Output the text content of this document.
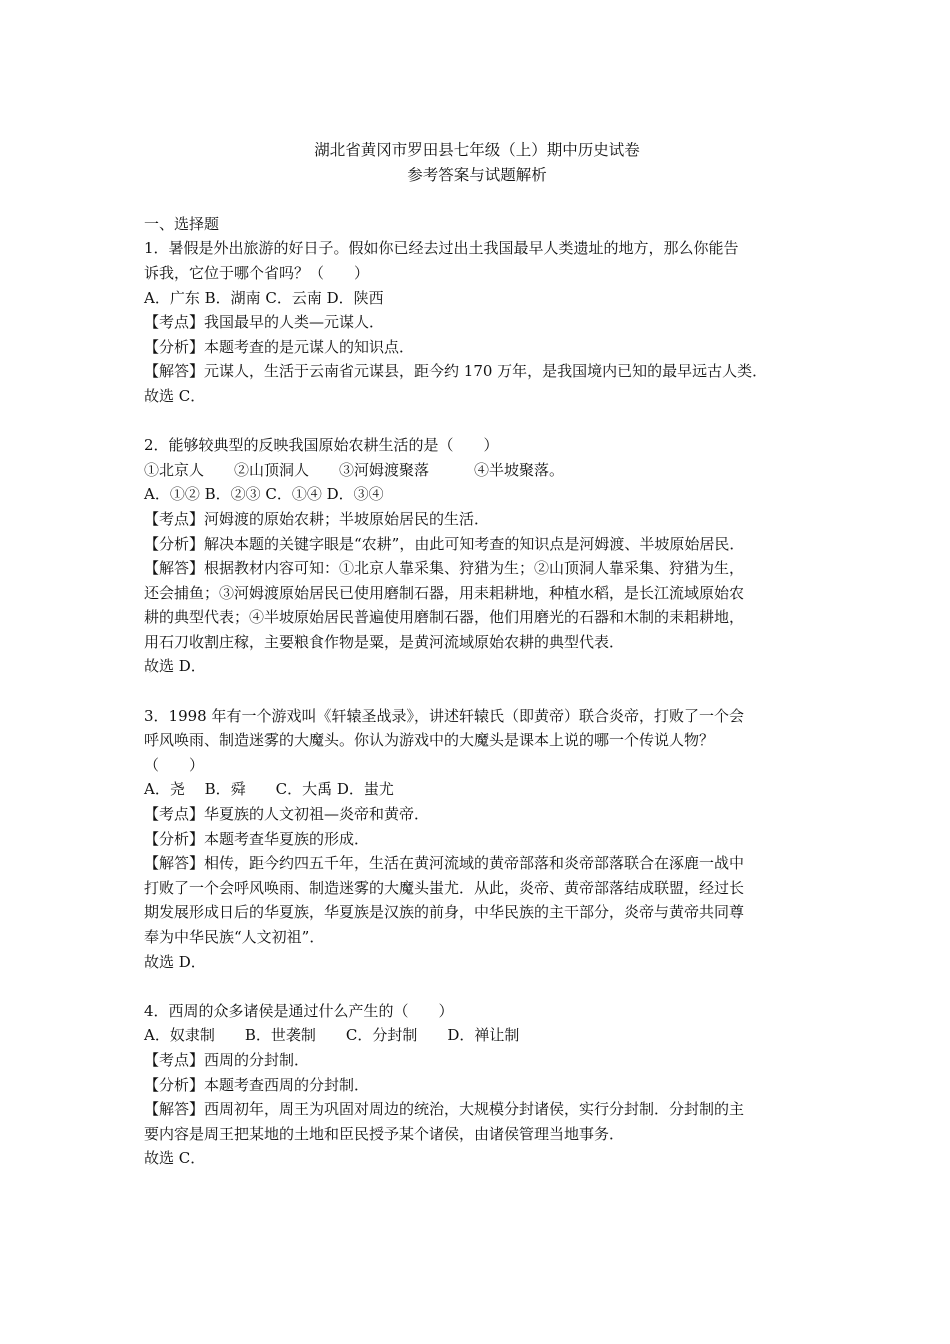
湖北省黄冈市罗田县七年级（上）期中历史试卷
参考答案与试题解析
一、选择题
1．暑假是外出旅游的好日子。假如你已经去过出土我国最早人类遗址的地方，那么你能告
诉我，它位于哪个省吗？（　　）
A．广东 B．湖南 C．云南 D．陕西
【考点】我国最早的人类—元谋人．
【分析】本题考查的是元谋人的知识点．
【解答】元谋人，生活于云南省元谋县，距今约 170 万年，是我国境内已知的最早远古人类．
故选 C．
2．能够较典型的反映我国原始农耕生活的是（　　）
①北京人　　②山顶洞人　　③河姆渡聚落　　　④半坡聚落。
A．①② B．②③ C．①④ D．③④
【考点】河姆渡的原始农耕；半坡原始居民的生活．
【分析】解决本题的关键字眼是“农耕”，由此可知考查的知识点是河姆渡、半坡原始居民．
【解答】根据教材内容可知：①北京人靠采集、狩猎为生；②山顶洞人靠采集、狩猎为生，
还会捕鱼；③河姆渡原始居民已使用磨制石器，用耒耜耕地，种植水稻，是长江流域原始农
耕的典型代表；④半坡原始居民普遍使用磨制石器，他们用磨光的石器和木制的耒耜耕地，
用石刀收割庄稼，主要粮食作物是粟，是黄河流域原始农耕的典型代表．
故选 D．
3．1998 年有一个游戏叫《轩辕圣战录》，讲述轩辕氏（即黄帝）联合炎帝，打败了一个会
呼风唤雨、制造迷雾的大魔头。你认为游戏中的大魔头是课本上说的哪一个传说人物？
（　　）
A．尧　 B．舜　　C．大禹 D．蚩尤
【考点】华夏族的人文初祖—炎帝和黄帝．
【分析】本题考查华夏族的形成．
【解答】相传，距今约四五千年，生活在黄河流域的黄帝部落和炎帝部落联合在涿鹿一战中
打败了一个会呼风唤雨、制造迷雾的大魔头蚩尤．从此，炎帝、黄帝部落结成联盟，经过长
期发展形成日后的华夏族，华夏族是汉族的前身，中华民族的主干部分，炎帝与黄帝共同尊
奉为中华民族“人文初祖”．
故选 D．
4．西周的众多诸侯是通过什么产生的（　　）
A．奴隶制　　B．世袭制　　C．分封制　　D．禅让制
【考点】西周的分封制．
【分析】本题考查西周的分封制．
【解答】西周初年，周王为巩固对周边的统治，大规模分封诸侯，实行分封制．分封制的主
要内容是周王把某地的土地和臣民授予某个诸侯，由诸侯管理当地事务．
故选 C．
